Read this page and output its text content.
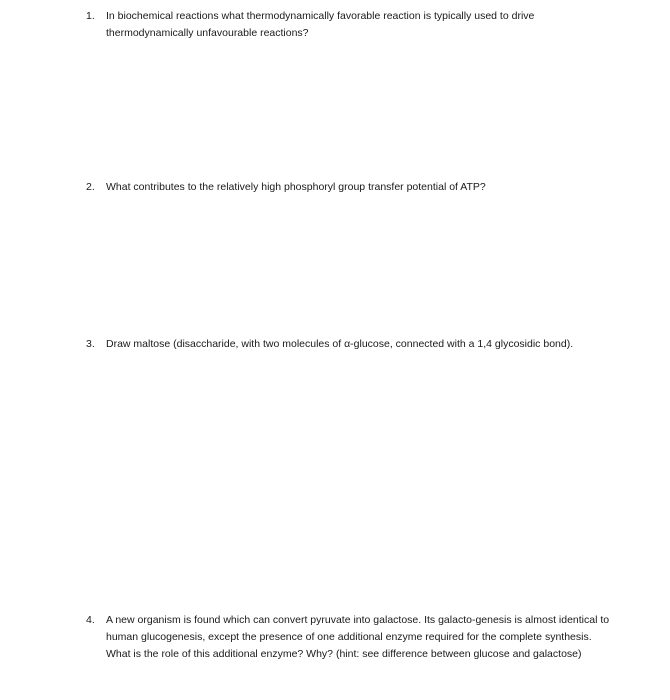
1.	In biochemical reactions what thermodynamically favorable reaction is typically used to drive thermodynamically unfavourable reactions?
2.	What contributes to the relatively high phosphoryl group transfer potential of ATP?
3.	Draw maltose (disaccharide, with two molecules of α-glucose, connected with a 1,4 glycosidic bond).
4.	A new organism is found which can convert pyruvate into galactose. Its galacto-genesis is almost identical to human glucogenesis, except the presence of one additional enzyme required for the complete synthesis. What is the role of this additional enzyme? Why? (hint: see difference between glucose and galactose)
